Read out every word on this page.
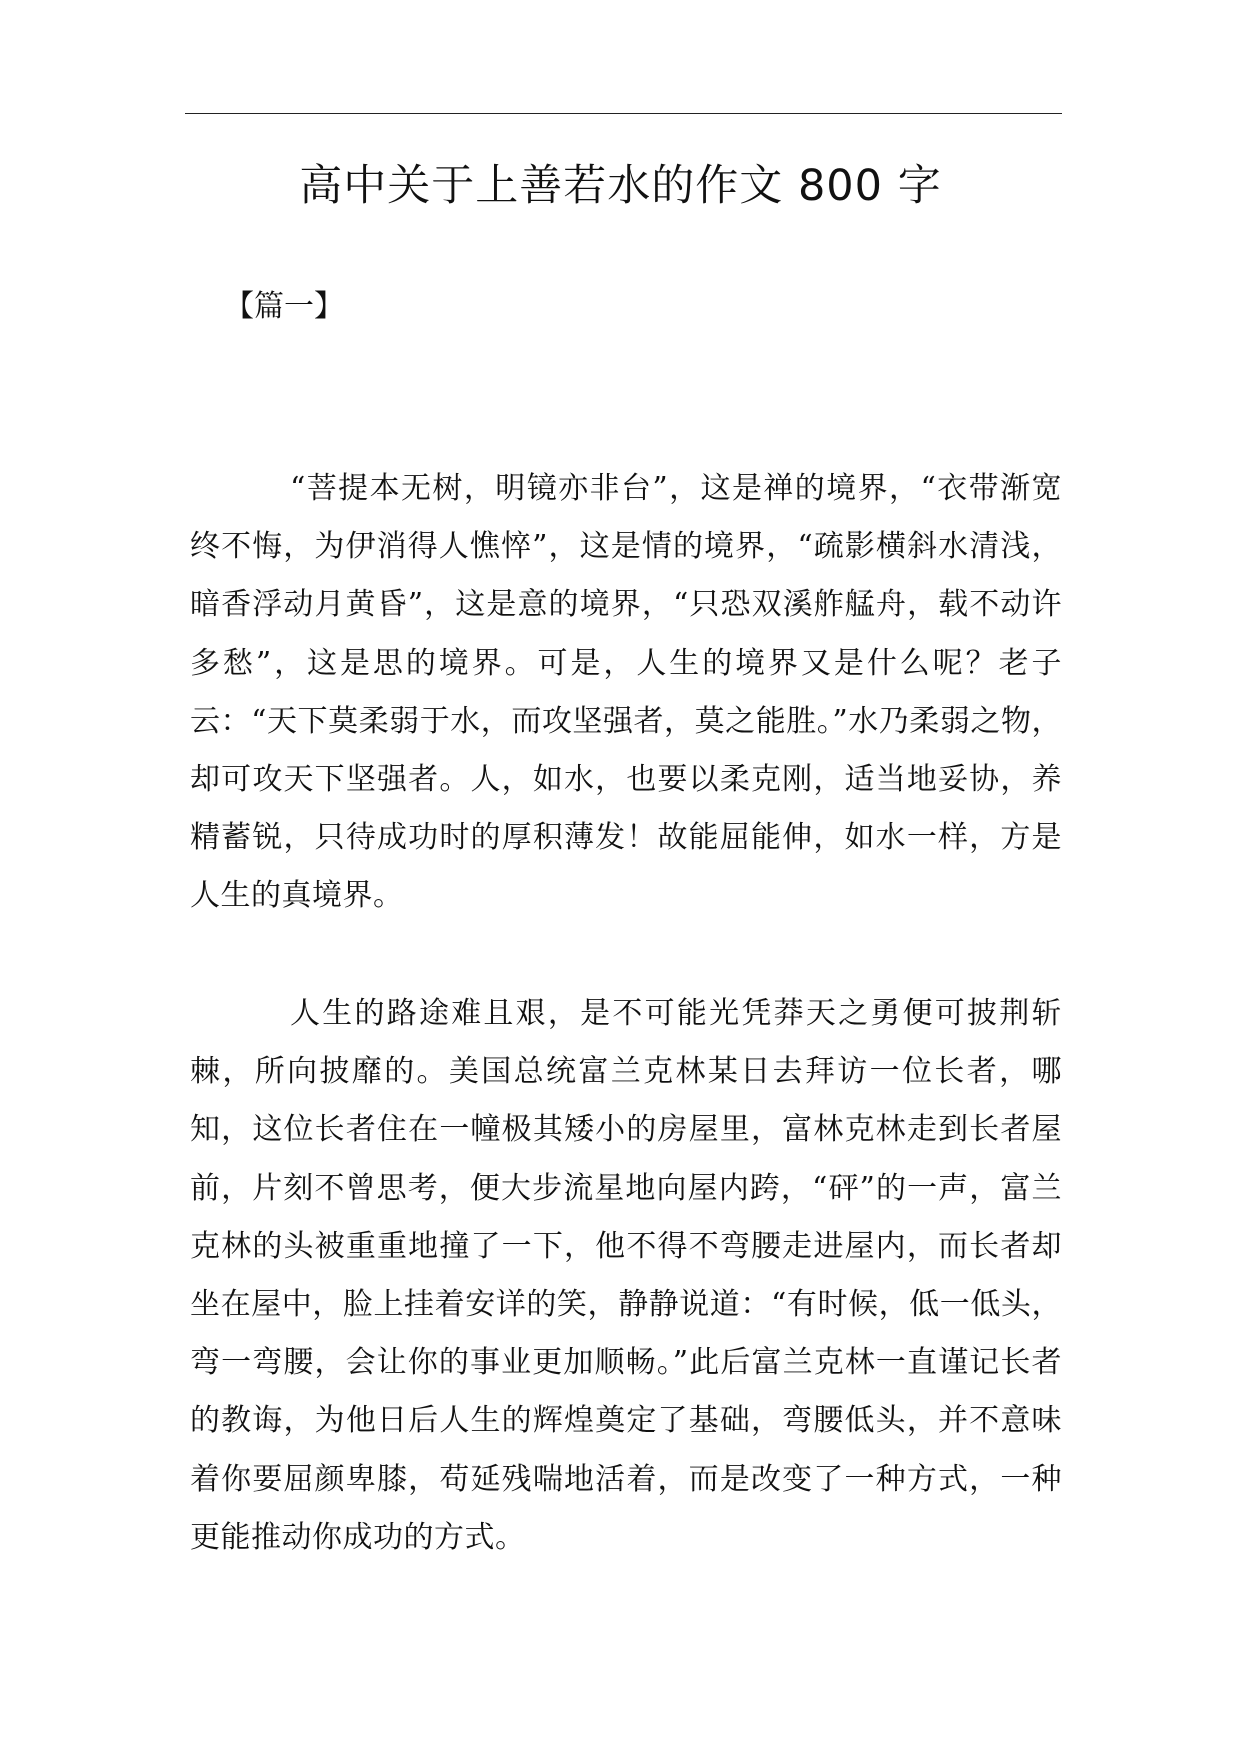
高中关于上善若水的作文 800 字

【篇一】

“菩提本无树，明镜亦非台”，这是禅的境界，“衣带渐宽终不悔，为伊消得人憔悴”，这是情的境界，“疏影横斜水清浅，暗香浮动月黄昏”，这是意的境界，“只恐双溪舴艋舟，载不动许多愁”，这是思的境界。可是，人生的境界又是什么呢？老子云：“天下莫柔弱于水，而攻坚强者，莫之能胜。”水乃柔弱之物，却可攻天下坚强者。人，如水，也要以柔克刚，适当地妥协，养精蓄锐，只待成功时的厚积薄发！故能屈能伸，如水一样，方是人生的真境界。

人生的路途难且艰，是不可能光凭莽天之勇便可披荆斩棘，所向披靡的。美国总统富兰克林某日去拜访一位长者，哪知，这位长者住在一幢极其矮小的房屋里，富林克林走到长者屋前，片刻不曾思考，便大步流星地向屋内跨，“砰”的一声，富兰克林的头被重重地撞了一下，他不得不弯腰走进屋内，而长者却坐在屋中，脸上挂着安详的笑，静静说道：“有时候，低一低头，弯一弯腰，会让你的事业更加顺畅。”此后富兰克林一直谨记长者的教诲，为他日后人生的辉煌奠定了基础，弯腰低头，并不意味着你要屈颜卑膝，苟延残喘地活着，而是改变了一种方式，一种更能推动你成功的方式。
